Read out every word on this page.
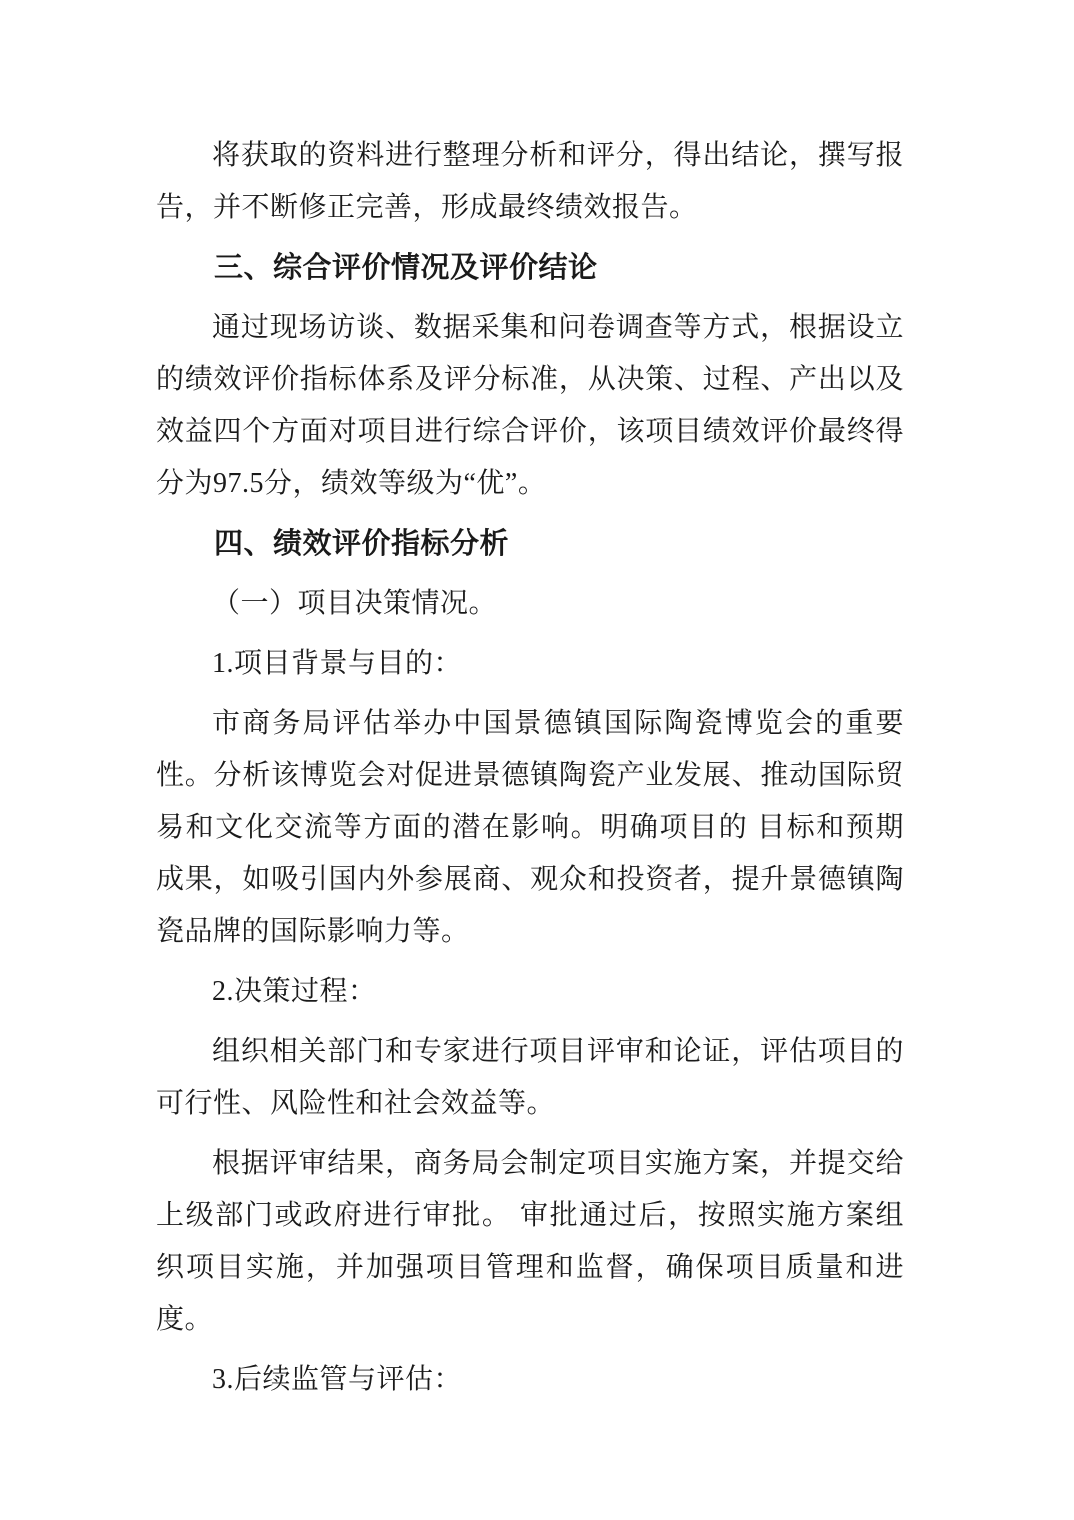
将获取的资料进行整理分析和评分，得出结论，撰写报告，并不断修正完善，形成最终绩效报告。

三、综合评价情况及评价结论

通过现场访谈、数据采集和问卷调查等方式，根据设立的绩效评价指标体系及评分标准，从决策、过程、产出以及效益四个方面对项目进行综合评价，该项目绩效评价最终得分为97.5分，绩效等级为“优”。

四、绩效评价指标分析

（一）项目决策情况。

1.项目背景与目的：

市商务局评估举办中国景德镇国际陶瓷博览会的重要性。分析该博览会对促进景德镇陶瓷产业发展、推动国际贸易和文化交流等方面的潜在影响。明确项目的 目标和预期成果，如吸引国内外参展商、观众和投资者，提升景德镇陶瓷品牌的国际影响力等。

2.决策过程：

组织相关部门和专家进行项目评审和论证，评估项目的可行性、风险性和社会效益等。

根据评审结果，商务局会制定项目实施方案，并提交给上级部门或政府进行审批。 审批通过后，按照实施方案组织项目实施，并加强项目管理和监督，确保项目质量和进度。

3.后续监管与评估：
